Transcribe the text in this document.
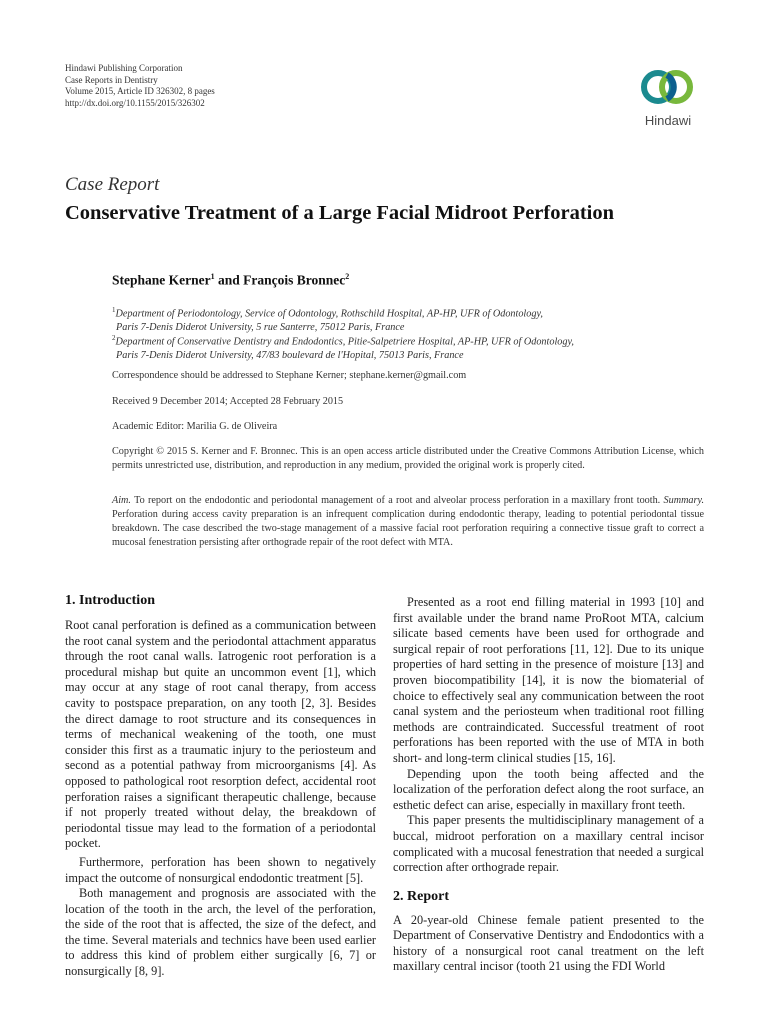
Hindawi Publishing Corporation
Case Reports in Dentistry
Volume 2015, Article ID 326302, 8 pages
http://dx.doi.org/10.1155/2015/326302
Hindawi
Case Report
Conservative Treatment of a Large Facial Midroot Perforation
Stephane Kerner$^1$ and François Bronnec$^2$
$^1$Department of Periodontology, Service of Odontology, Rothschild Hospital, AP-HP, UFR of Odontology,
Paris 7-Denis Diderot University, 5 rue Santerre, 75012 Paris, France
$^2$Department of Conservative Dentistry and Endodontics, Pitie-Salpetriere Hospital, AP-HP, UFR of Odontology,
Paris 7-Denis Diderot University, 47/83 boulevard de l'Hopital, 75013 Paris, France
Correspondence should be addressed to Stephane Kerner; stephane.kerner@gmail.com
Received 9 December 2014; Accepted 28 February 2015
Academic Editor: Marilia G. de Oliveira
Copyright © 2015 S. Kerner and F. Bronnec. This is an open access article distributed under the Creative Commons Attribution License, which permits unrestricted use, distribution, and reproduction in any medium, provided the original work is properly cited.
Aim. To report on the endodontic and periodontal management of a root and alveolar process perforation in a maxillary front tooth. Summary. Perforation during access cavity preparation is an infrequent complication during endodontic therapy, leading to potential periodontal tissue breakdown. The case described the two-stage management of a massive facial root perforation requiring a connective tissue graft to correct a mucosal fenestration persisting after orthograde repair of the root defect with MTA.
1. Introduction

Root canal perforation is defined as a communication between the root canal system and the periodontal attachment apparatus through the root canal walls. Iatrogenic root perforation is a procedural mishap but quite an uncommon event [1], which may occur at any stage of root canal therapy, from access cavity to postspace preparation, on any tooth [2, 3]. Besides the direct damage to root structure and its consequences in terms of mechanical weakening of the tooth, one must consider this first as a traumatic injury to the periosteum and second as a potential pathway from microorganisms [4]. As opposed to pathological root resorption defect, accidental root perforation raises a significant therapeutic challenge, because if not properly treated without delay, the breakdown of periodontal tissue may lead to the formation of a periodontal pocket.

Furthermore, perforation has been shown to negatively impact the outcome of nonsurgical endodontic treatment [5].

Both management and prognosis are associated with the location of the tooth in the arch, the level of the perforation, the side of the root that is affected, the size of the defect, and the time. Several materials and technics have been used earlier to address this kind of problem either surgically [6, 7] or nonsurgically [8, 9].

Presented as a root end filling material in 1993 [10] and first available under the brand name ProRoot MTA, calcium silicate based cements have been used for orthograde and surgical repair of root perforations [11, 12]. Due to its unique properties of hard setting in the presence of moisture [13] and proven biocompatibility [14], it is now the biomaterial of choice to effectively seal any communication between the root canal system and the periosteum when traditional root filling methods are contraindicated. Successful treatment of root perforations has been reported with the use of MTA in both short- and long-term clinical studies [15, 16].

Depending upon the tooth being affected and the localization of the perforation defect along the root surface, an esthetic defect can arise, especially in maxillary front teeth.

This paper presents the multidisciplinary management of a buccal, midroot perforation on a maxillary central incisor complicated with a mucosal fenestration that needed a surgical correction after orthograde repair.

2. Report

A 20-year-old Chinese female patient presented to the Department of Conservative Dentistry and Endodontics with a history of a nonsurgical root canal treatment on the left maxillary central incisor (tooth 21 using the FDI World
